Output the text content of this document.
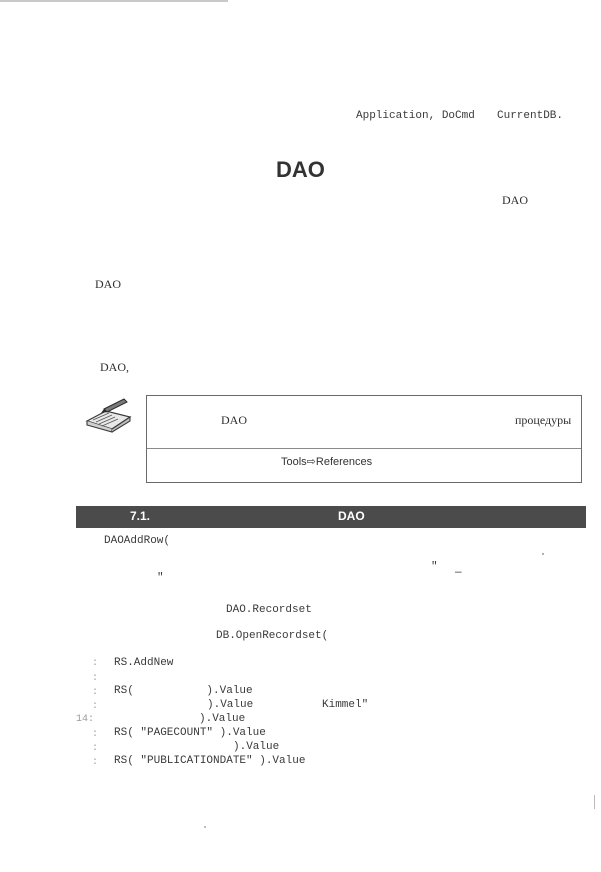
Application, DoCmd CurrentDB.
DAO
DAO
DAO
DAO,
DAO	процедуры
Tools⇨References
7.1.	DAO
DAOAddRow(
" —
"
DAO.Recordset
DB.OpenRecordset(
: RS.AddNew
:
: RS(           ).Value
:	).Value	Kimmel"
14:	).Value
: RS( "PAGECOUNT" ).Value
:	).Value
: RS( "PUBLICATIONDATE" ).Value
